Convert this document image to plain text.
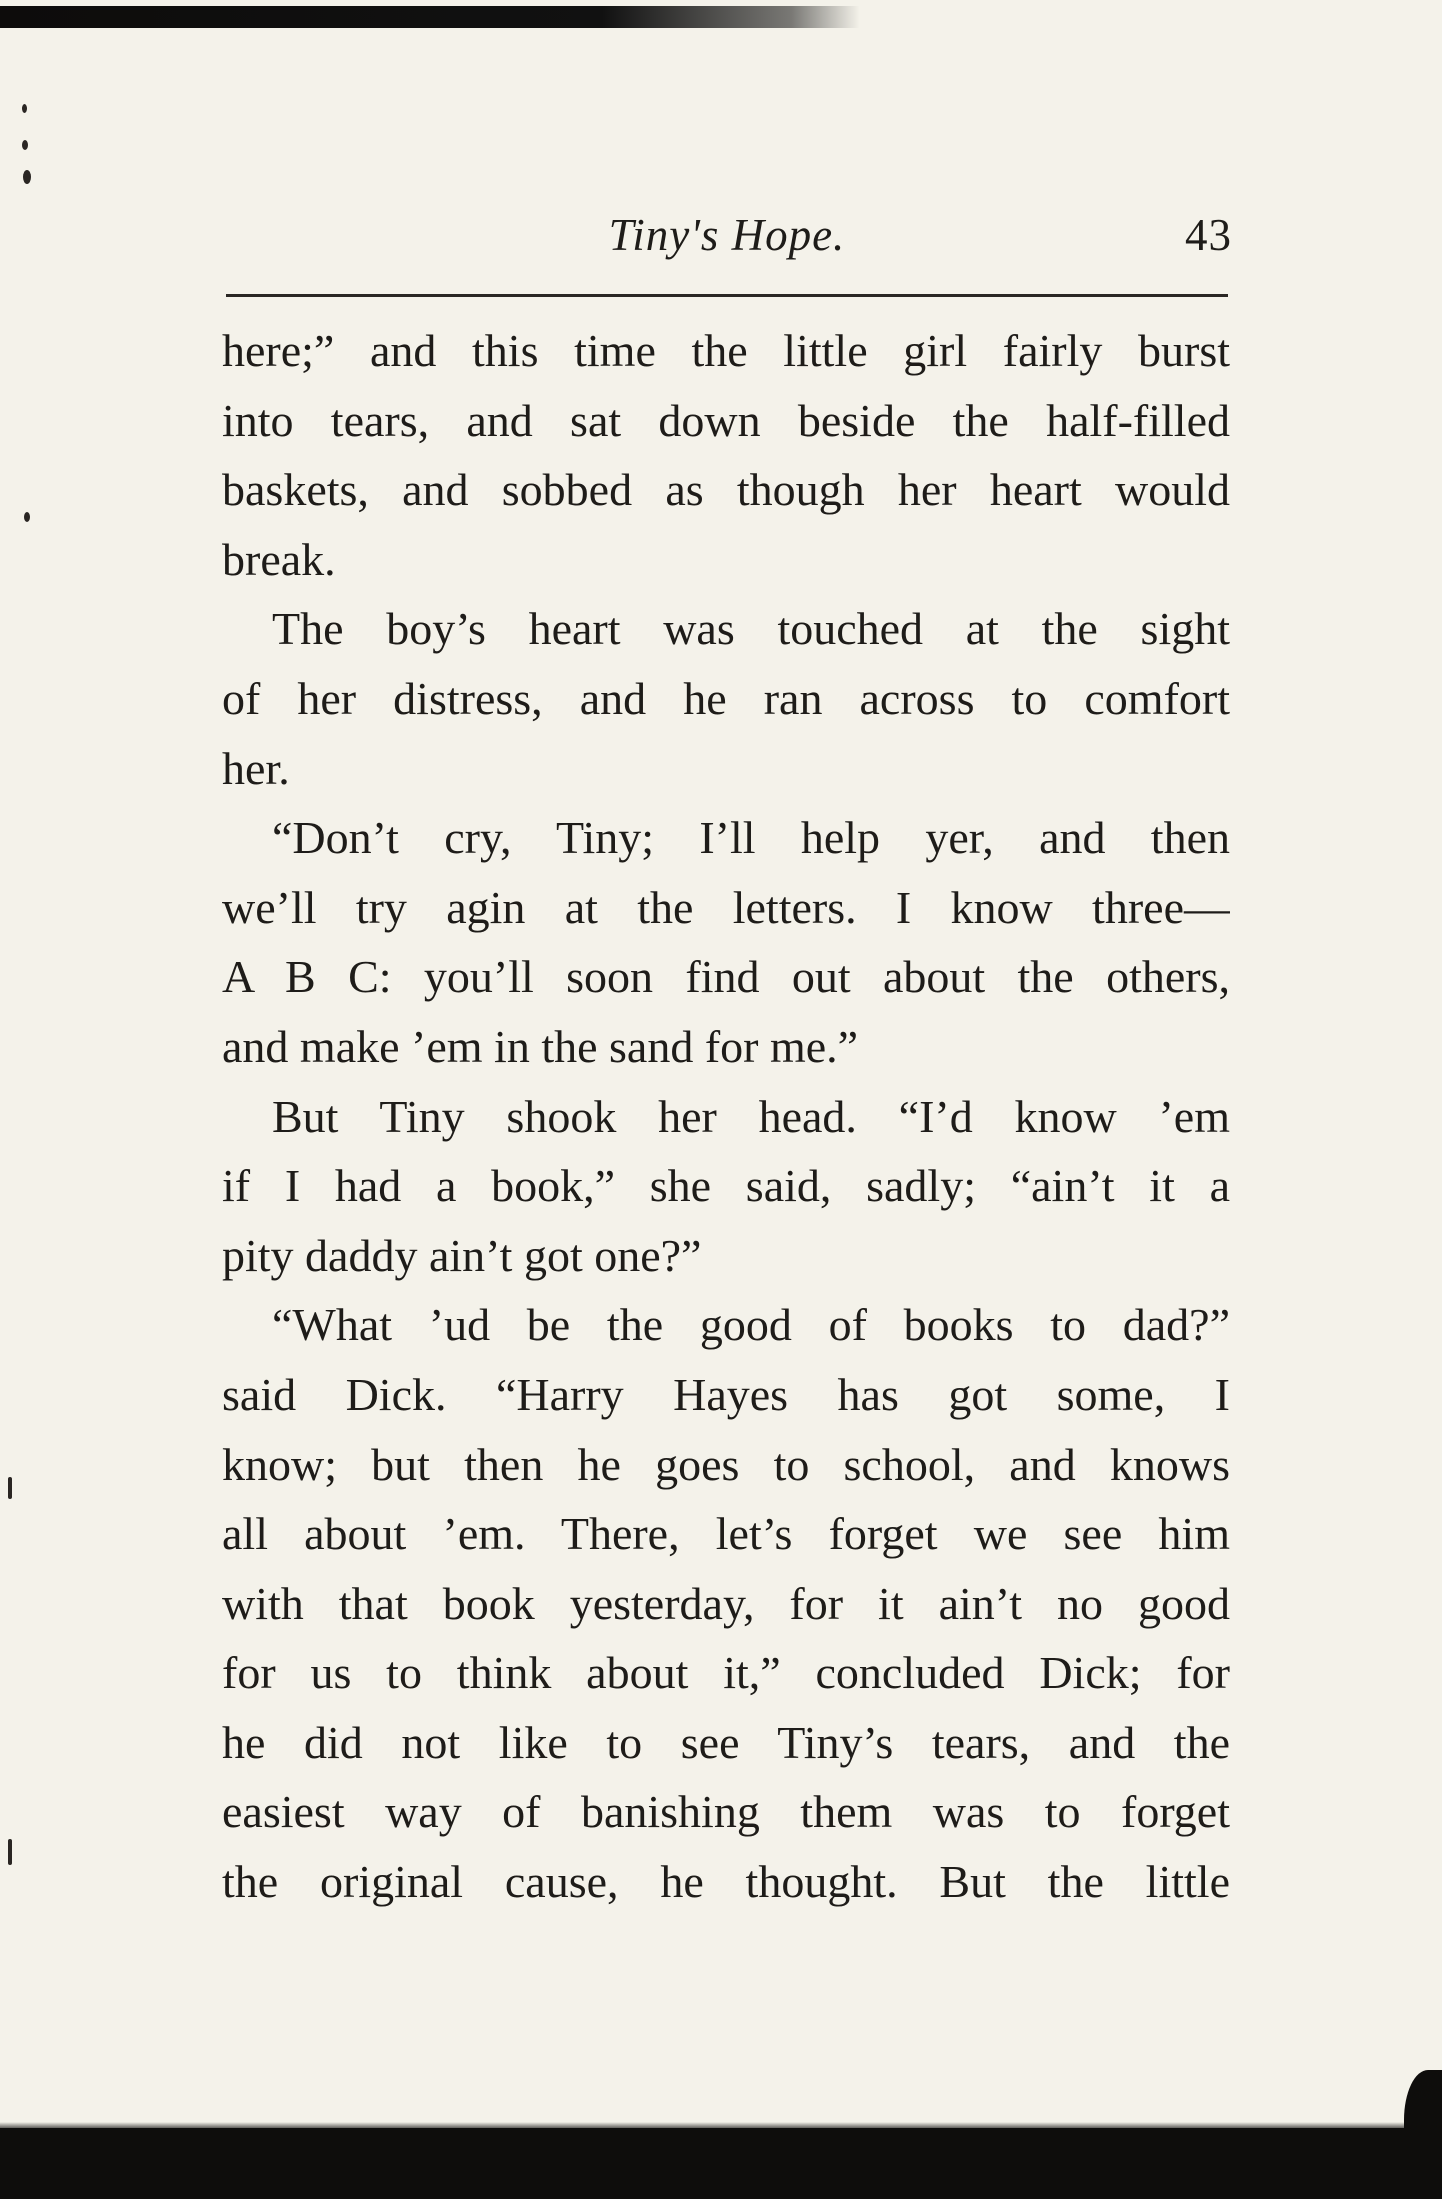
Tiny's Hope.	43
here;” and this time the little girl fairly burst
into tears, and sat down beside the half-filled
baskets, and sobbed as though her heart would
break.
The boy’s heart was touched at the sight
of her distress, and he ran across to comfort
her.
“Don’t cry, Tiny; I’ll help yer, and then
we’ll try agin at the letters. I know three—
A B C: you’ll soon find out about the others,
and make ’em in the sand for me.”
But Tiny shook her head. “I’d know ’em
if I had a book,” she said, sadly; “ain’t it a
pity daddy ain’t got one?”
“What ’ud be the good of books to dad?”
said Dick. “Harry Hayes has got some, I
know; but then he goes to school, and knows
all about ’em. There, let’s forget we see him
with that book yesterday, for it ain’t no good
for us to think about it,” concluded Dick; for
he did not like to see Tiny’s tears, and the
easiest way of banishing them was to forget
the original cause, he thought. But the little
